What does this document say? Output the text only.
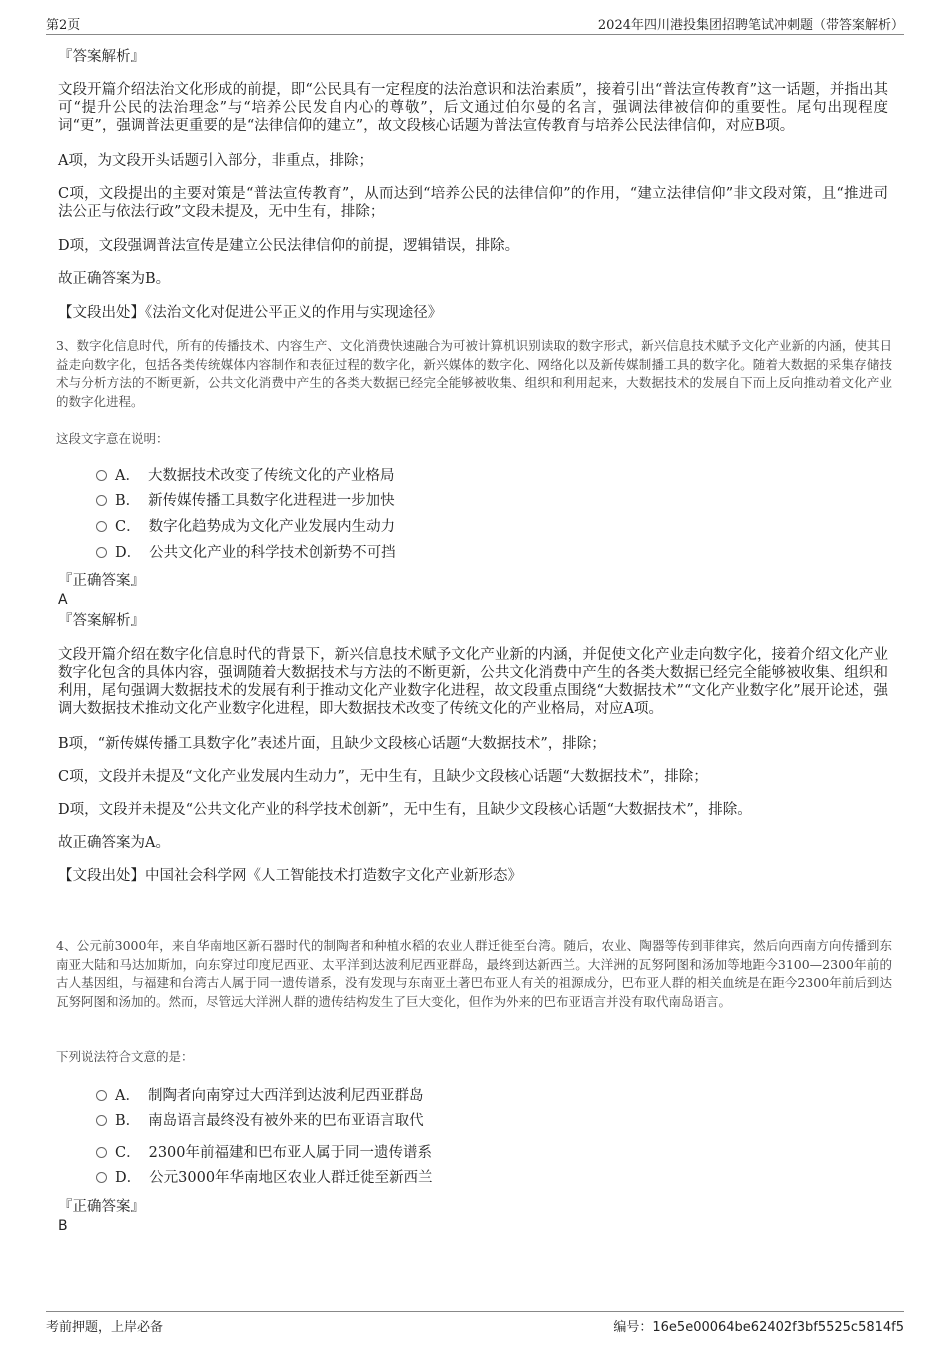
第2页	2024年四川港投集团招聘笔试冲刺题（带答案解析）
『答案解析』
文段开篇介绍法治文化形成的前提，即“公民具有一定程度的法治意识和法治素质”，接着引出“普法宣传教育”这一话题，并指出其可“提升公民的法治理念”与“培养公民发自内心的尊敬”，后文通过伯尔曼的名言，强调法律被信仰的重要性。尾句出现程度词“更”，强调普法更重要的是“法律信仰的建立”，故文段核心话题为普法宣传教育与培养公民法律信仰，对应B项。
A项，为文段开头话题引入部分，非重点，排除；
C项，文段提出的主要对策是“普法宣传教育”，从而达到“培养公民的法律信仰”的作用，“建立法律信仰”非文段对策，且“推进司法公正与依法行政”文段未提及，无中生有，排除；
D项，文段强调普法宣传是建立公民法律信仰的前提，逻辑错误，排除。
故正确答案为B。
【文段出处】《法治文化对促进公平正义的作用与实现途径》
3、数字化信息时代，所有的传播技术、内容生产、文化消费快速融合为可被计算机识别读取的数字形式，新兴信息技术赋予文化产业新的内涵，使其日益走向数字化，包括各类传统媒体内容制作和表征过程的数字化，新兴媒体的数字化、网络化以及新传媒制播工具的数字化。随着大数据的采集存储技术与分析方法的不断更新，公共文化消费中产生的各类大数据已经完全能够被收集、组织和利用起来，大数据技术的发展自下而上反向推动着文化产业的数字化进程。
这段文字意在说明：
A． 大数据技术改变了传统文化的产业格局
B． 新传媒传播工具数字化进程进一步加快
C． 数字化趋势成为文化产业发展内生动力
D． 公共文化产业的科学技术创新势不可挡
『正确答案』
A
『答案解析』
文段开篇介绍在数字化信息时代的背景下，新兴信息技术赋予文化产业新的内涵，并促使文化产业走向数字化，接着介绍文化产业数字化包含的具体内容，强调随着大数据技术与方法的不断更新，公共文化消费中产生的各类大数据已经完全能够被收集、组织和利用，尾句强调大数据技术的发展有利于推动文化产业数字化进程，故文段重点围绕“大数据技术”“文化产业数字化”展开论述，强调大数据技术推动文化产业数字化进程，即大数据技术改变了传统文化的产业格局，对应A项。
B项，“新传媒传播工具数字化”表述片面，且缺少文段核心话题“大数据技术”，排除；
C项，文段并未提及“文化产业发展内生动力”，无中生有，且缺少文段核心话题“大数据技术”，排除；
D项，文段并未提及“公共文化产业的科学技术创新”，无中生有，且缺少文段核心话题“大数据技术”，排除。
故正确答案为A。
【文段出处】中国社会科学网《人工智能技术打造数字文化产业新形态》
4、公元前3000年，来自华南地区新石器时代的制陶者和种植水稻的农业人群迁徙至台湾。随后，农业、陶器等传到菲律宾，然后向西南方向传播到东南亚大陆和马达加斯加，向东穿过印度尼西亚、太平洋到达波利尼西亚群岛，最终到达新西兰。大洋洲的瓦努阿图和汤加等地距今3100—2300年前的古人基因组，与福建和台湾古人属于同一遗传谱系，没有发现与东南亚土著巴布亚人有关的祖源成分，巴布亚人群的相关血统是在距今2300年前后到达瓦努阿图和汤加的。然而，尽管远大洋洲人群的遗传结构发生了巨大变化，但作为外来的巴布亚语言并没有取代南岛语言。
下列说法符合文意的是：
A． 制陶者向南穿过大西洋到达波利尼西亚群岛
B． 南岛语言最终没有被外来的巴布亚语言取代
C． 2300年前福建和巴布亚人属于同一遗传谱系
D． 公元3000年华南地区农业人群迁徙至新西兰
『正确答案』
B
考前押题，上岸必备	编号：16e5e00064be62402f3bf5525c5814f5
